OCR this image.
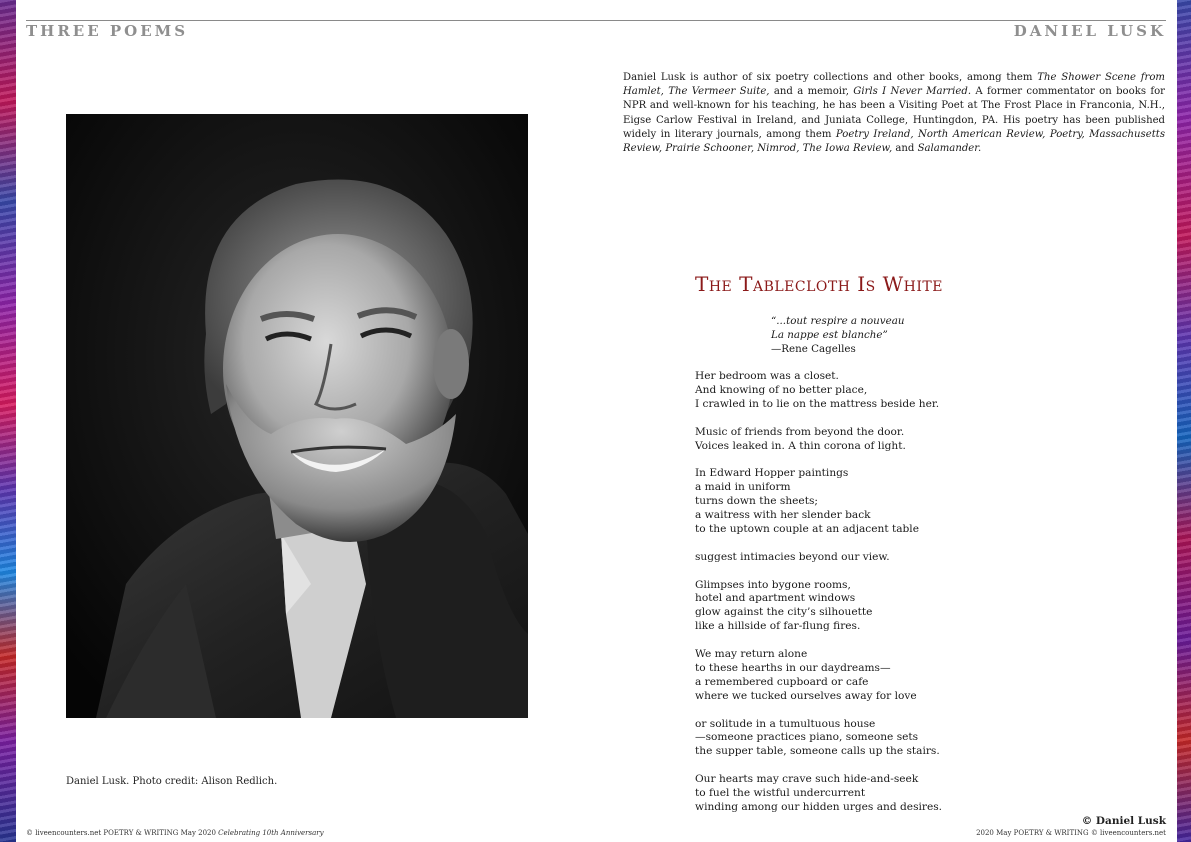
THREE POEMS	DANIEL LUSK
Daniel Lusk. Photo credit: Alison Redlich.
Daniel Lusk is author of six poetry collections and other books, among them The Shower Scene from Hamlet, The Vermeer Suite, and a memoir, Girls I Never Married. A former commentator on books for NPR and well-known for his teaching, he has been a Visiting Poet at The Frost Place in Franconia, N.H., Eigse Carlow Festival in Ireland, and Juniata College, Huntingdon, PA. His poetry has been published widely in literary journals, among them Poetry Ireland, North American Review, Poetry, Massachusetts Review, Prairie Schooner, Nimrod, The Iowa Review, and Salamander.
The Tablecloth Is White
“...tout respire a nouveau
La nappe est blanche”
—Rene Cagelles
Her bedroom was a closet.
And knowing of no better place,
I crawled in to lie on the mattress beside her.
Music of friends from beyond the door.
Voices leaked in. A thin corona of light.
In Edward Hopper paintings
a maid in uniform
turns down the sheets;
a waitress with her slender back
to the uptown couple at an adjacent table
suggest intimacies beyond our view.
Glimpses into bygone rooms,
hotel and apartment windows
glow against the city’s silhouette
like a hillside of far-flung fires.
We may return alone
to these hearths in our daydreams—
a remembered cupboard or cafe
where we tucked ourselves away for love
or solitude in a tumultuous house
—someone practices piano, someone sets
the supper table, someone calls up the stairs.
Our hearts may crave such hide-and-seek
to fuel the wistful undercurrent
winding among our hidden urges and desires.
© Daniel Lusk
© liveencounters.net POETRY & WRITING May 2020 Celebrating 10th Anniversary	2020 May POETRY & WRITING © liveencounters.net
